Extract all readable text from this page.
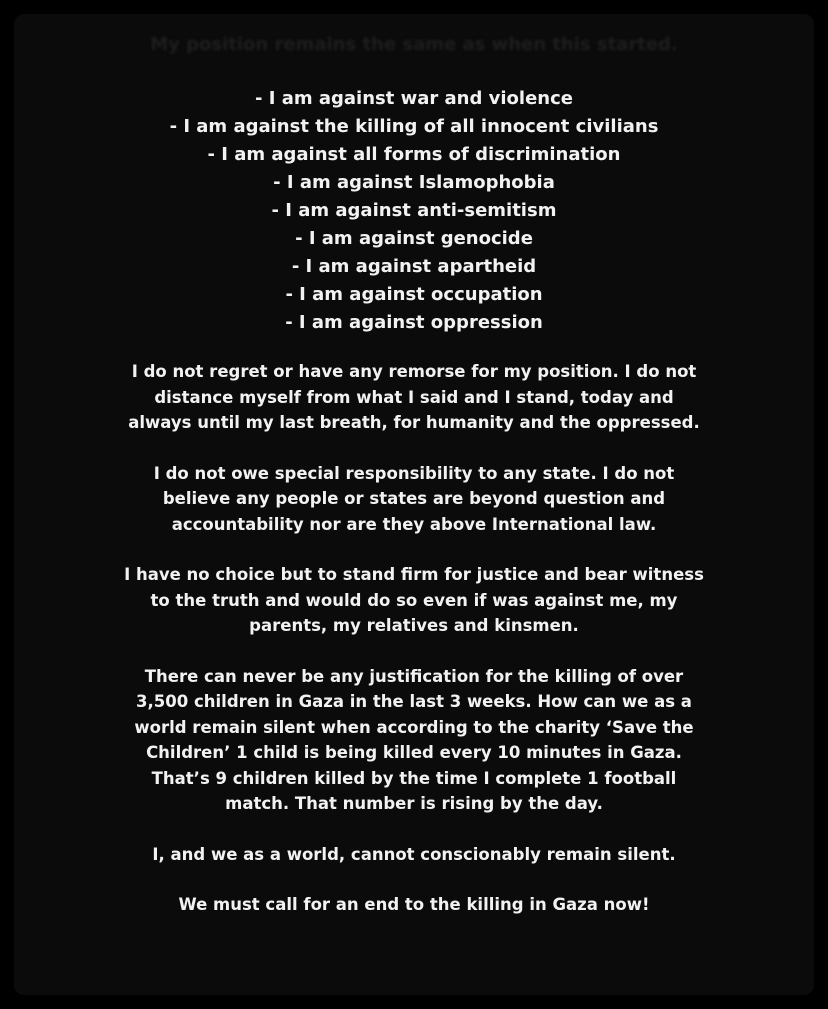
My position remains the same as when this started.
- I am against war and violence
- I am against the killing of all innocent civilians
- I am against all forms of discrimination
- I am against Islamophobia
- I am against anti-semitism
- I am against genocide
- I am against apartheid
- I am against occupation
- I am against oppression

I do not regret or have any remorse for my position. I do not
distance myself from what I said and I stand, today and
always until my last breath, for humanity and the oppressed.

I do not owe special responsibility to any state. I do not
believe any people or states are beyond question and
accountability nor are they above International law.

I have no choice but to stand firm for justice and bear witness
to the truth and would do so even if was against me, my
parents, my relatives and kinsmen.

There can never be any justification for the killing of over
3,500 children in Gaza in the last 3 weeks. How can we as a
world remain silent when according to the charity ‘Save the
Children’ 1 child is being killed every 10 minutes in Gaza.
That’s 9 children killed by the time I complete 1 football
match. That number is rising by the day.

I, and we as a world, cannot conscionably remain silent.

We must call for an end to the killing in Gaza now!
